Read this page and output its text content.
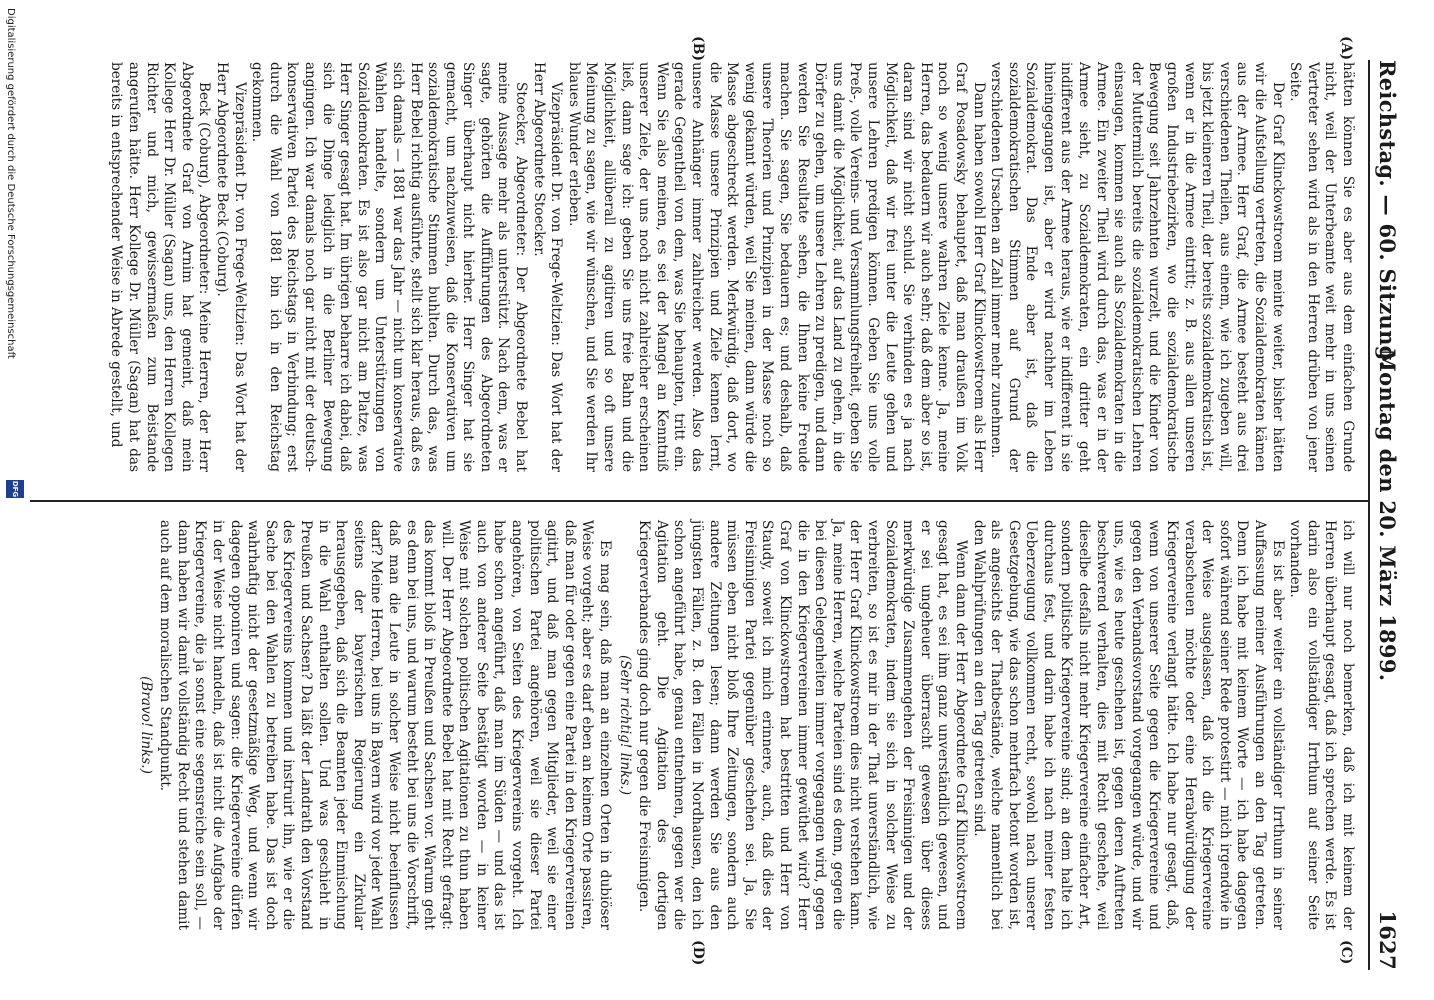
Reichstag. — 60. Sitzung.
Montag den 20. März 1899.
1627
(A)
(B)
(C)
(D)

hätten können Sie es aber aus dem einfachen Grunde nicht, weil der Unterbeamte weit mehr in uns seinen Vertreter sehen wird als in den Herren drüben von jener Seite.

Der Graf Klinckowstroem meinte weiter, bisher hätten wir die Aufstellung vertreten, die Sozialdemokraten kämen aus der Armee. Herr Graf, die Armee besteht aus drei verschiedenen Theilen, aus einem, wie ich zugeben will, bis jetzt kleineren Theil, der bereits sozialdemokratisch ist, wenn er in die Armee eintritt; z. B. aus allen unseren großen Industriebezirken, wo die sozialdemokratische Bewegung seit Jahrzehnten wurzelt, und die Kinder von der Muttermilch bereits die sozialdemokratischen Lehren einsaugen, kommen sie auch als Sozialdemokraten in die Armee. Ein zweiter Theil wird durch das, was er in der Armee sieht, zu Sozialdemokraten, ein dritter geht indifferent aus der Armee heraus, wie er indifferent in sie hineingegangen ist, aber er wird nachher im Leben Sozialdemokrat. Das Ende aber ist, daß die sozialdemokratischen Stimmen auf Grund der verschiedenen Ursachen an Zahl immer mehr zunehmen.

Dann haben sowohl Herr Graf Klinckowstroem als Herr Graf Posadowsky behauptet, daß man draußen im Volk noch so wenig unsere wahren Ziele kenne. Ja, meine Herren, das bedauern wir auch sehr; daß dem aber so ist, daran sind wir nicht schuld. Sie verhinden es ja nach Möglichkeit, daß wir frei unter die Leute gehen und unsere Lehren predigen können. Geben Sie uns volle Preß-, volle Vereins- und Versammlungsfreiheit, geben Sie uns damit die Möglichkeit, auf das Land zu gehen, in die Dörfer zu gehen, um unsere Lehren zu predigen, und dann werden Sie Resultate sehen, die Ihnen keine Freude machen. Sie sagen, Sie bedauern es; und deshalb, daß unsere Theorien und Prinzipien in der Masse noch so wenig gekannt würden, weil Sie meinen, dann würde die Masse abgeschreckt werden. Merkwürdig, daß dort, wo die Masse unsere Prinzipien und Ziele kennen lernt, unsere Anhänger immer zahlreicher werden. Also das gerade Gegentheil von dem, was Sie behaupten, tritt ein. Wenn Sie also meinen, es sei der Mangel an Kenntniß unserer Ziele, der uns noch nicht zahlreicher erscheinen ließ, dann sage ich: geben Sie uns freie Bahn und die Möglichkeit, allüberall zu agitiren und so oft unsere Meinung zu sagen, wie wir wünschen, und Sie werden Ihr blaues Wunder erleben.

Vizepräsident Dr. von Frege-Weltzien: Das Wort hat der Herr Abgeordnete Stoecker.

Stoecker, Abgeordneter: Der Abgeordnete Bebel hat meine Aussage mehr als unterstützt. Nach dem, was er sagte, gehörten die Aufführungen des Abgeordneten Singer überhaupt nicht hierher. Herr Singer hat sie gemacht, um nachzuweisen, daß die Konservativen um sozialdemokratische Stimmen buhlten. Durch das, was Herr Bebel richtig ausführte, stellt sich klar heraus, daß es sich damals — 1881 war das Jahr — nicht um konservative Wahlen handelte, sondern um Unterstützungen von Sozialdemokraten. Es ist also gar nicht am Platze, was Herr Singer gesagt hat. Im übrigen beharre ich dabei, daß sich die Dinge lediglich in die Berliner Bewegung angingen. Ich war damals noch gar nicht mit der deutsch-konservativen Partei des Reichstags in Verbindung; erst durch die Wahl von 1881 bin ich in den Reichstag gekommen.

Vizepräsident Dr. von Frege-Weltzien: Das Wort hat der Herr Abgeordnete Beck (Coburg).

Beck (Coburg), Abgeordneter: Meine Herren, der Herr Abgeordnete Graf von Arnim hat gemeint, daß mein Kollege Herr Dr. Müller (Sagan) uns, den Herren Kollegen Richter und mich, gewissermaßen zum Beistande angerufen hätte. Herr Kollege Dr. Müller (Sagan) hat das bereits in entsprechender Weise in Abrede gestellt, und

ich will nur noch bemerken, daß ich mit keinem der Herren überhaupt gesagt, daß ich sprechen werde. Es ist darin also ein vollständiger Irrthum auf seiner Seite vorhanden.

Es ist aber weiter ein vollständiger Irrthum in seiner Auffassung meiner Ausführungen an den Tag getreten. Denn ich habe mit keinem Worte — ich habe dagegen sofort während seiner Rede protestirt — mich irgendwie in der Weise ausgelassen, daß ich die Kriegervereine verabscheuen möchte oder eine Herabwürdigung der Kriegervereine verlangt hätte. Ich habe nur gesagt, daß, wenn von unserer Seite gegen die Kriegervereine und gegen den Verbandsvorstand vorgegangen würde, und wir uns, wie es heute geschehen ist, gegen deren Auftreten beschwerend verhalten, dies mit Recht geschehe, weil dieselbe desfalls nicht mehr Kriegervereine einfacher Art, sondern politische Kriegervereine sind; an dem halte ich durchaus fest, und darin habe ich nach meiner festen Ueberzeugung vollkommen recht, sowohl nach unserer Gesetzgebung, wie das schon mehrfach betont worden ist, als angesichts der Thatbestände, welche namentlich bei den Wahlprüfungen an den Tag getreten sind.

Wenn dann der Herr Abgeordnete Graf Klinckowstroem gesagt hat, es sei ihm ganz unverständlich gewesen, und er sei ungeheuer überrascht gewesen über dieses merkwürdige Zusammengehen der Freisinnigen und der Sozialdemokraten, indem sie sich in solcher Weise zu verbreiten, so ist es mir in der That unverständlich, wie der Herr Graf Klinckowstroem dies nicht verstehen kann. Ja, meine Herren, welche Parteien sind es denn, gegen die bei diesen Gelegenheiten immer vorgegangen wird, gegen die in den Kriegervereinen immer gewüthet wird? Herr Graf von Klinckowstroem hat bestritten und Herr von Staudy, soweit ich mich erinnere, auch, daß dies der Freisinnigen Partei gegenüber geschehen sei. Ja, Sie müssen eben nicht bloß Ihre Zeitungen, sondern auch andere Zeitungen lesen; dann werden Sie aus den jüngsten Fällen, z. B. den Fällen in Nordhausen, den ich schon angeführt habe, genau entnehmen, gegen wer die Agitation geht. Die Agitation des dortigen Kriegerverbandes ging doch nur gegen die Freisinnigen.

(Sehr richtig! links.)

Es mag sein, daß man an einzelnen Orten in dubiöser Weise vorgeht; aber es darf eben an keinem Orte passiren, daß man für oder gegen eine Partei in den Kriegervereinen agitirt, und daß man gegen Mitglieder, weil sie einer politischen Partei angehören, weil sie dieser Partei angehören, von Seiten des Kriegervereins vorgeht. Ich habe schon angeführt, daß man im Süden — und das ist auch von anderer Seite bestätigt worden — in keiner Weise mit solchen politischen Agitationen zu thun haben will. Der Herr Abgeordnete Bebel hat mit Recht gefragt: das kommt bloß in Preußen und Sachsen vor. Warum geht es denn bei uns, und warum besteht bei uns die Vorschrift, daß man die Leute in solcher Weise nicht beeinflussen darf? Meine Herren, bei uns in Bayern wird vor jeder Wahl seitens der bayerischen Regierung ein Zirkular herausgegeben, daß sich die Beamten jeder Einmischung in die Wahl enthalten sollen. Und was geschieht in Preußen und Sachsen? Da läßt der Landrath den Vorstand des Kriegervereins kommen und instruirt ihn, wie er die Sache bei den Wahlen zu betreiben habe. Das ist doch wahrhaftig nicht der gesetzmäßige Weg, und wenn wir dagegen opponiren und sagen: die Kriegervereine dürfen in der Weise nicht handeln, daß ist nicht die Aufgabe der Kriegervereine, die ja sonst eine segensreiche sein soll, — dann haben wir damit vollständig Recht und stehen damit auch auf dem moralischen Standpunkt.

(Bravo! links.)

DFG
Digitalisierung gefördert durch die Deutsche Forschungsgemeinschaft
